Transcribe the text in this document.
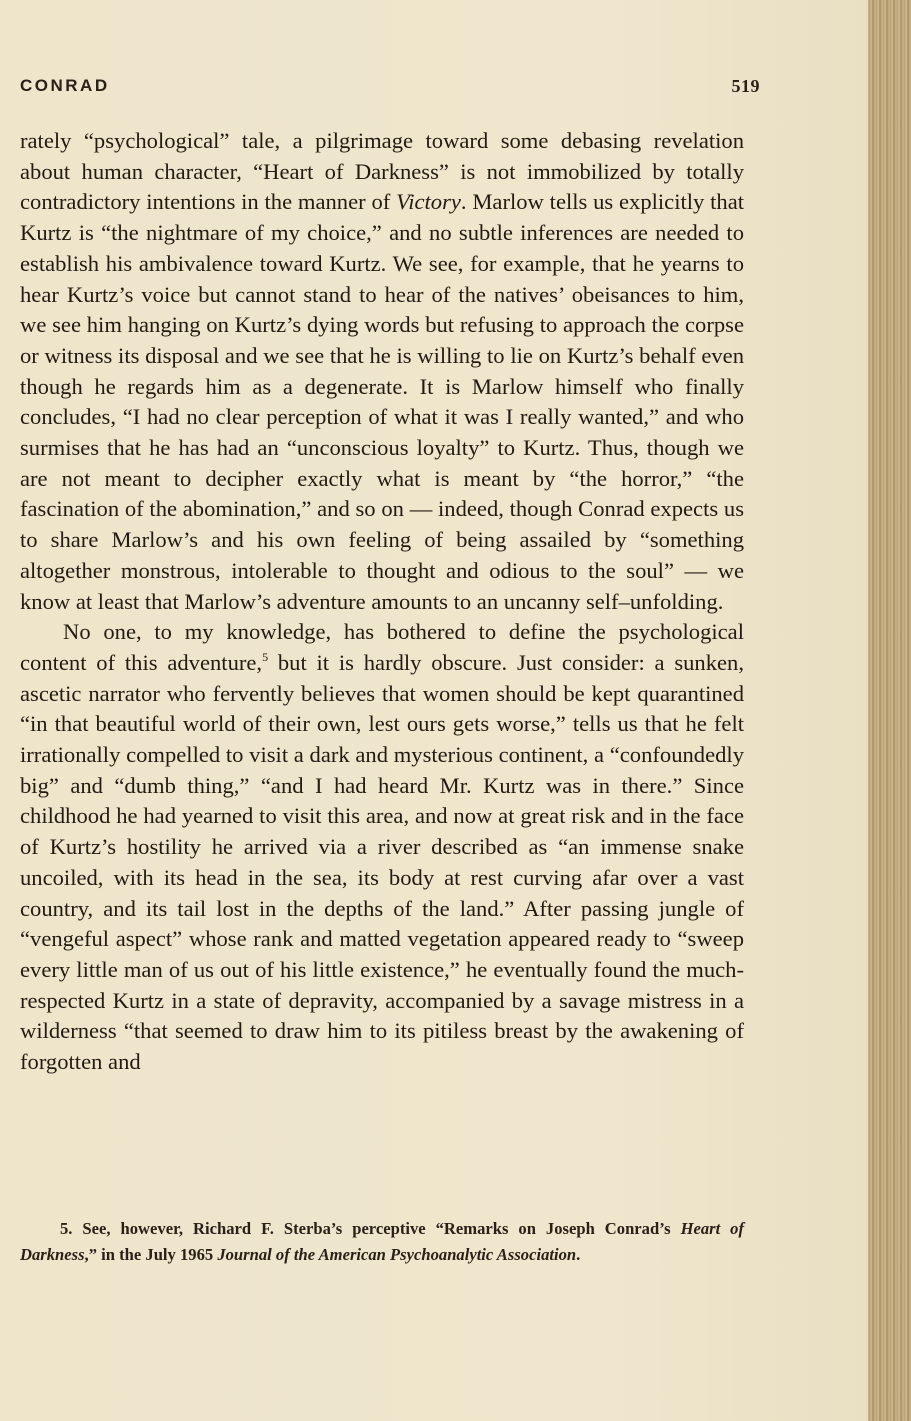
CONRAD	519

rately “psychological” tale, a pilgrimage toward some debasing revelation about human character, “Heart of Darkness” is not immobilized by totally contradictory intentions in the manner of Victory. Marlow tells us explicitly that Kurtz is “the nightmare of my choice,” and no subtle inferences are needed to establish his ambivalence toward Kurtz. We see, for example, that he yearns to hear Kurtz’s voice but cannot stand to hear of the natives’ obeisances to him, we see him hanging on Kurtz’s dying words but refusing to approach the corpse or witness its disposal and we see that he is willing to lie on Kurtz’s behalf even though he regards him as a degenerate. It is Marlow himself who finally concludes, “I had no clear perception of what it was I really wanted,” and who surmises that he has had an “unconscious loyalty” to Kurtz. Thus, though we are not meant to decipher exactly what is meant by “the horror,” “the fascination of the abomination,” and so on — indeed, though Conrad expects us to share Marlow’s and his own feeling of being assailed by “something altogether monstrous, intolerable to thought and odious to the soul” — we know at least that Marlow’s adventure amounts to an uncanny self–unfolding.

No one, to my knowledge, has bothered to define the psychological content of this adventure,$^5$ but it is hardly obscure. Just consider: a sunken, ascetic narrator who fervently believes that women should be kept quarantined “in that beautiful world of their own, lest ours gets worse,” tells us that he felt irrationally compelled to visit a dark and mysterious continent, a “confoundedly big” and “dumb thing,” “and I had heard Mr. Kurtz was in there.” Since childhood he had yearned to visit this area, and now at great risk and in the face of Kurtz’s hostility he arrived via a river described as “an immense snake uncoiled, with its head in the sea, its body at rest curving afar over a vast country, and its tail lost in the depths of the land.” After passing jungle of “vengeful aspect” whose rank and matted vegetation appeared ready to “sweep every little man of us out of his little existence,” he eventually found the much-respected Kurtz in a state of depravity, accompanied by a savage mistress in a wilderness “that seemed to draw him to its pitiless breast by the awakening of forgotten and

5. See, however, Richard F. Sterba’s perceptive “Remarks on Joseph Conrad’s Heart of Darkness,” in the July 1965 Journal of the American Psychoanalytic Association.
